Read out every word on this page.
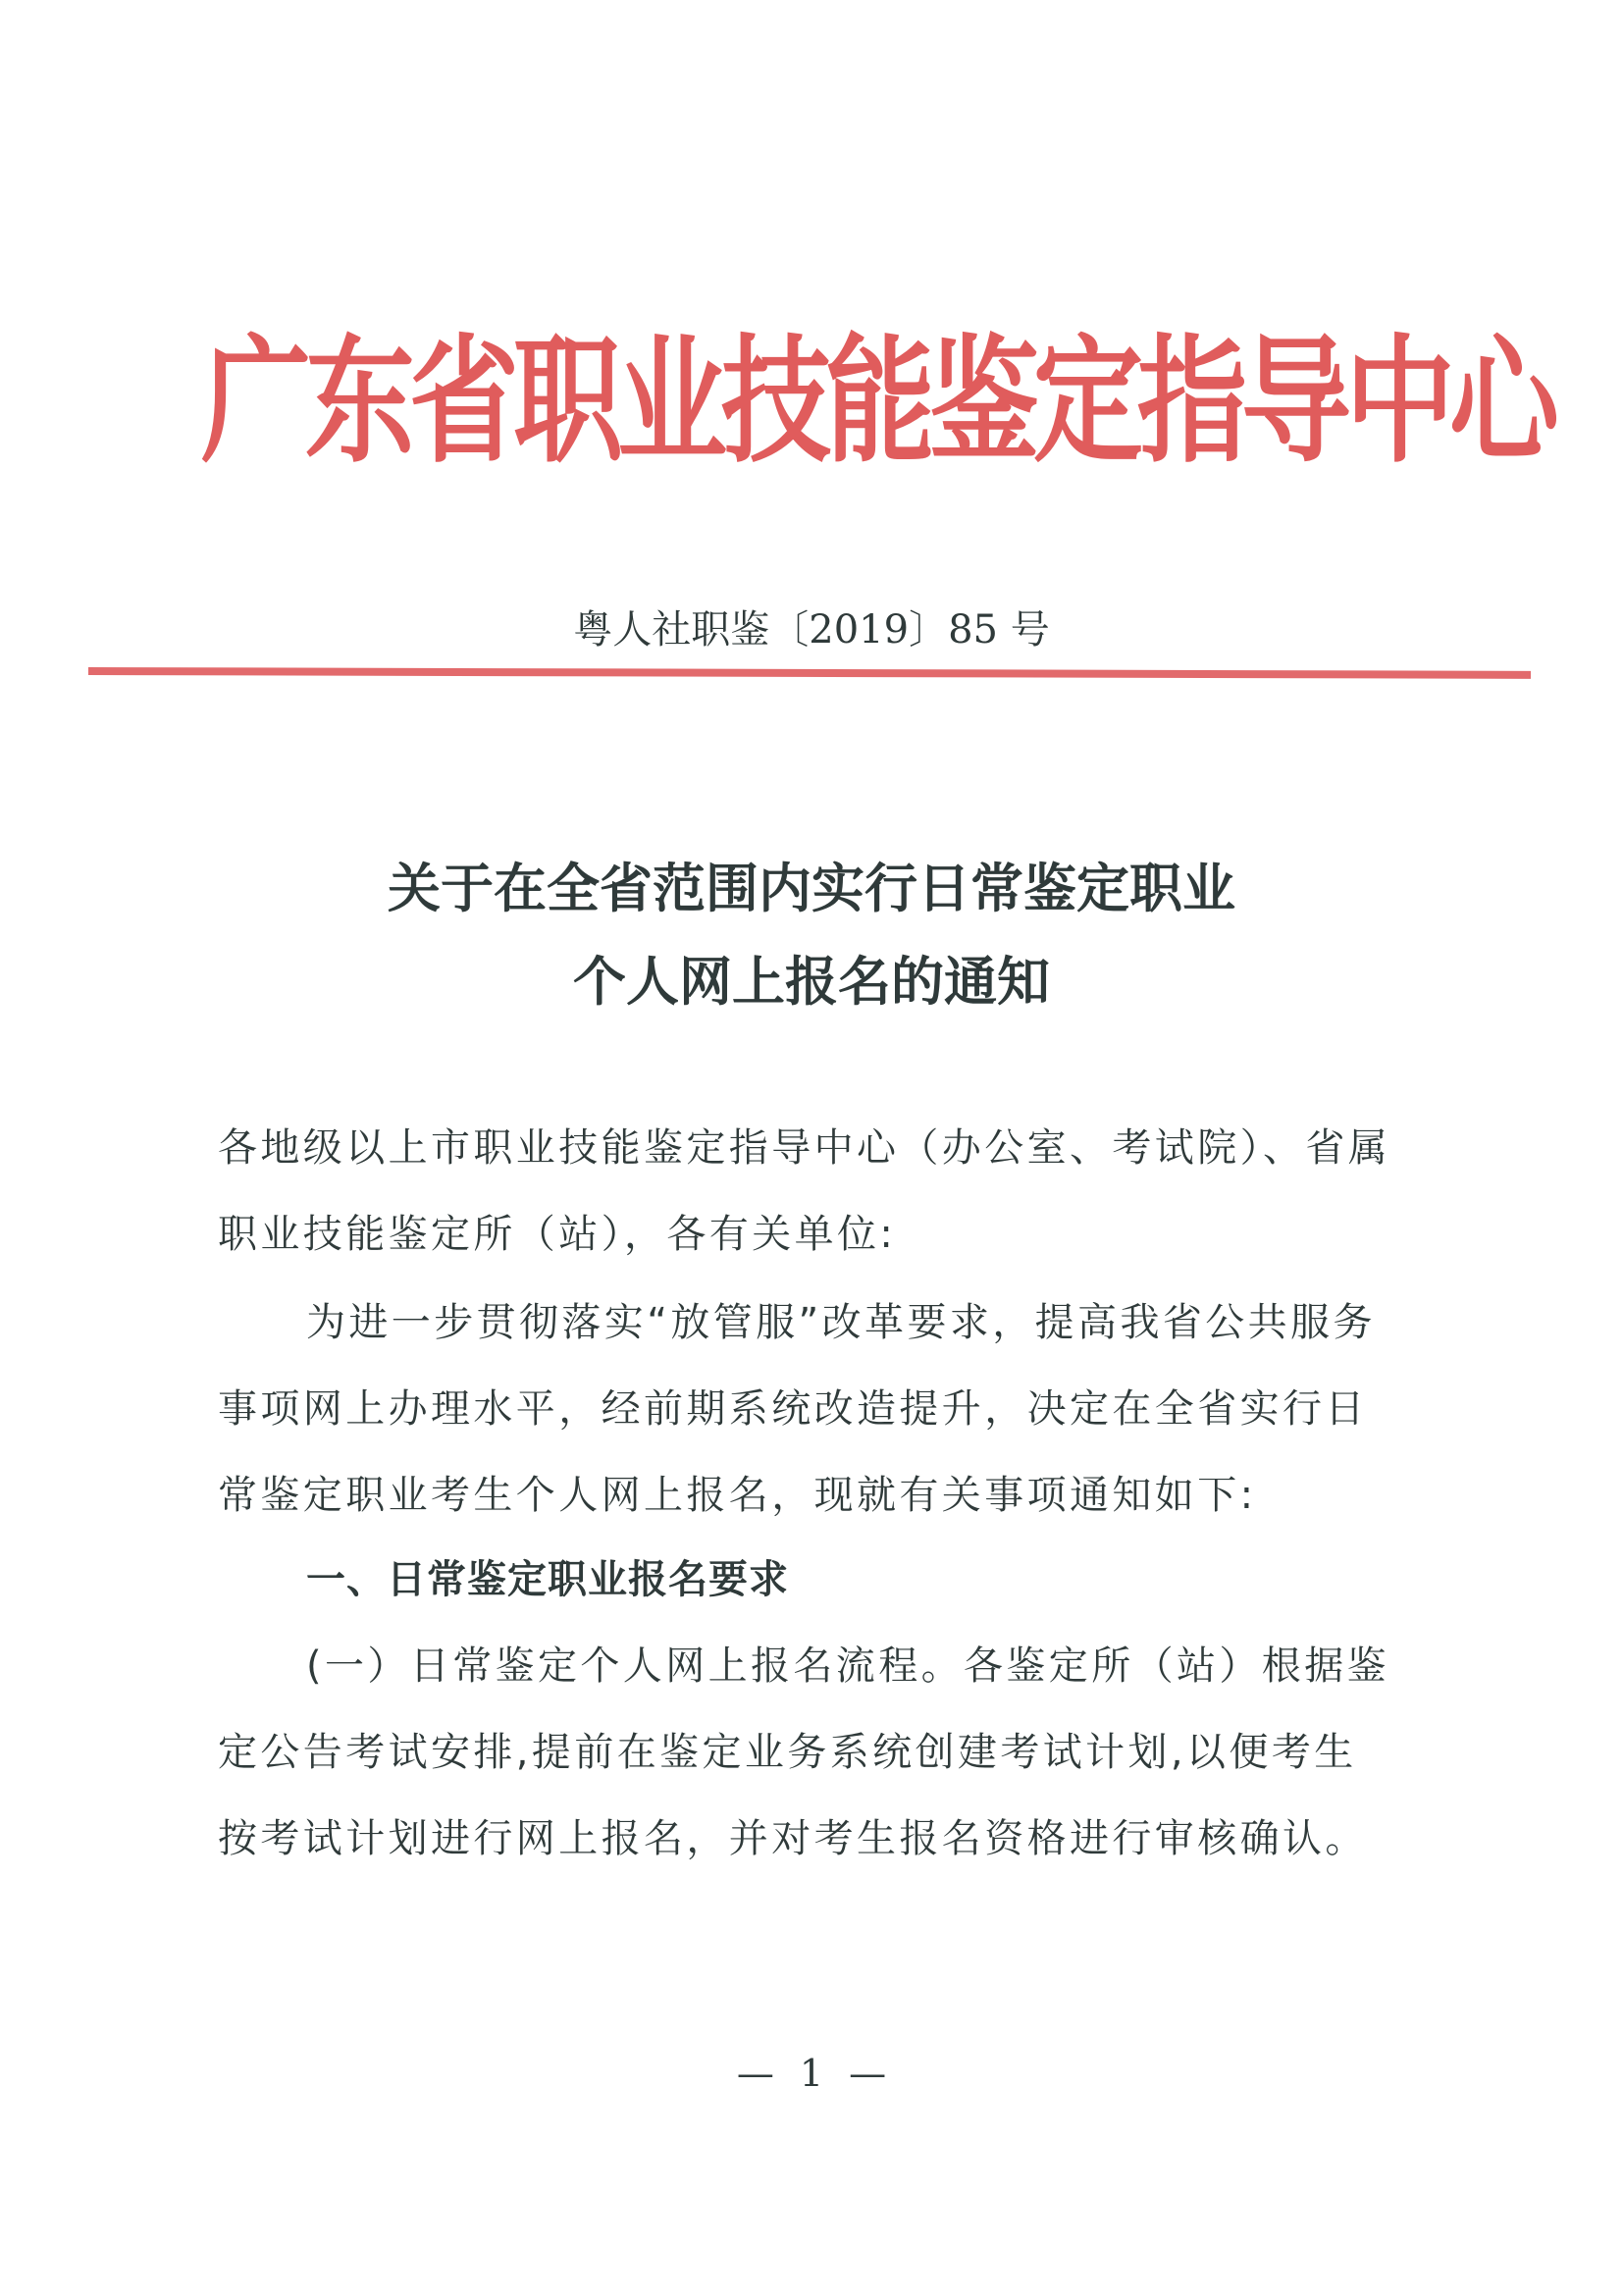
广东省职业技能鉴定指导中心
粤人社职鉴〔2019〕85 号
关于在全省范围内实行日常鉴定职业
个人网上报名的通知
各地级以上市职业技能鉴定指导中心（办公室、考试院）、省属
职业技能鉴定所（站），各有关单位:
为进一步贯彻落实“放管服”改革要求，提高我省公共服务
事项网上办理水平，经前期系统改造提升，决定在全省实行日
常鉴定职业考生个人网上报名，现就有关事项通知如下:
一、日常鉴定职业报名要求
(一）日常鉴定个人网上报名流程。各鉴定所（站）根据鉴
定公告考试安排,提前在鉴定业务系统创建考试计划,以便考生
按考试计划进行网上报名，并对考生报名资格进行审核确认。
— 1 —
